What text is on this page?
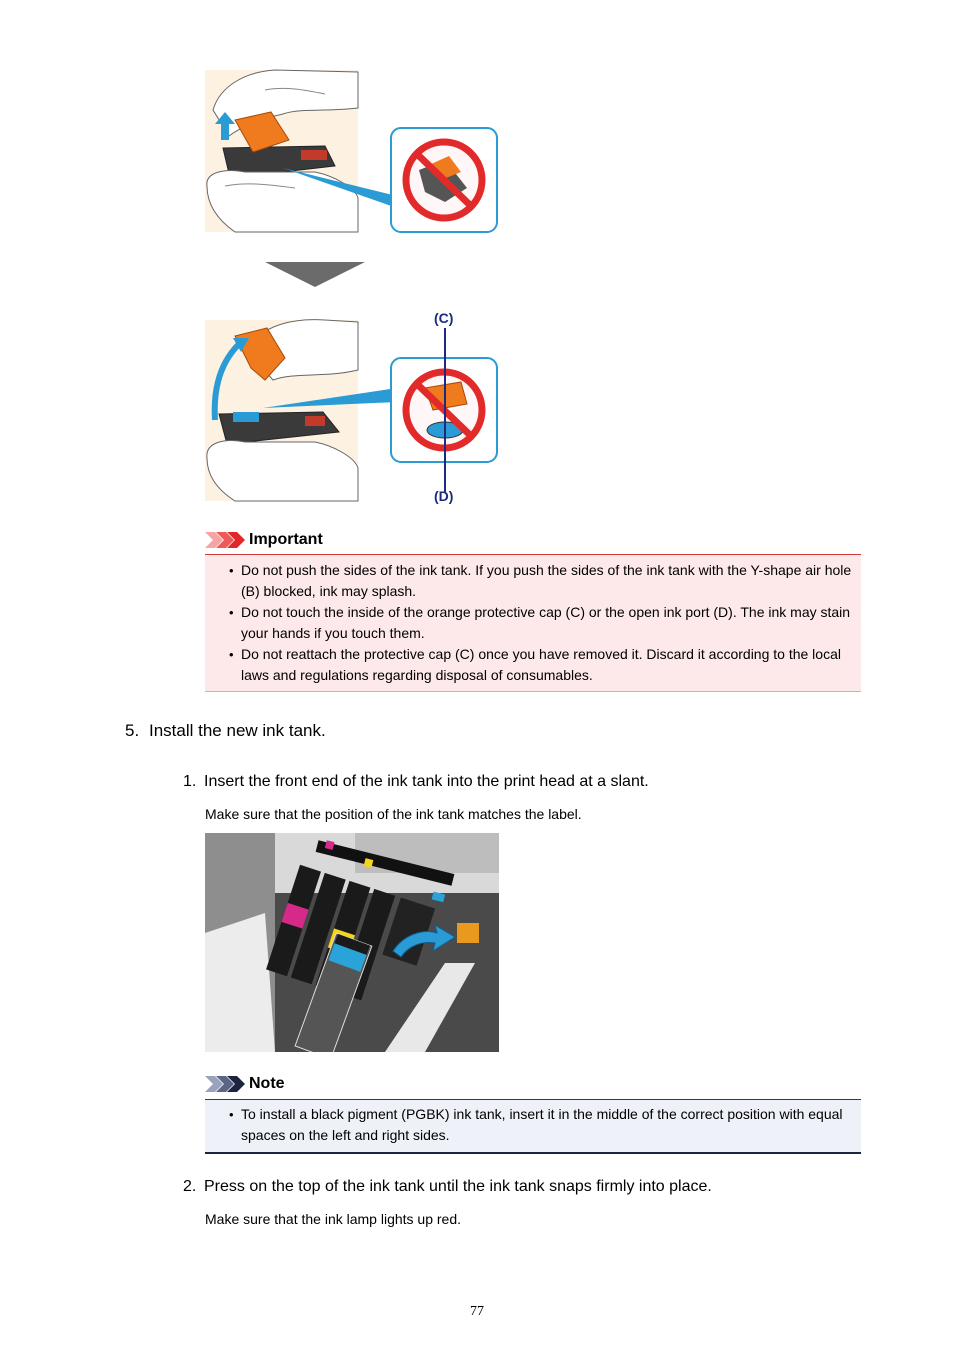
(C)
(D)
Important
• Do not push the sides of the ink tank. If you push the sides of the ink tank with the Y-shape air hole (B) blocked, ink may splash.
• Do not touch the inside of the orange protective cap (C) or the open ink port (D). The ink may stain your hands if you touch them.
• Do not reattach the protective cap (C) once you have removed it. Discard it according to the local laws and regulations regarding disposal of consumables.
5. Install the new ink tank.
1. Insert the front end of the ink tank into the print head at a slant.
Make sure that the position of the ink tank matches the label.
Note
• To install a black pigment (PGBK) ink tank, insert it in the middle of the correct position with equal spaces on the left and right sides.
2. Press on the top of the ink tank until the ink tank snaps firmly into place.
Make sure that the ink lamp lights up red.
77
